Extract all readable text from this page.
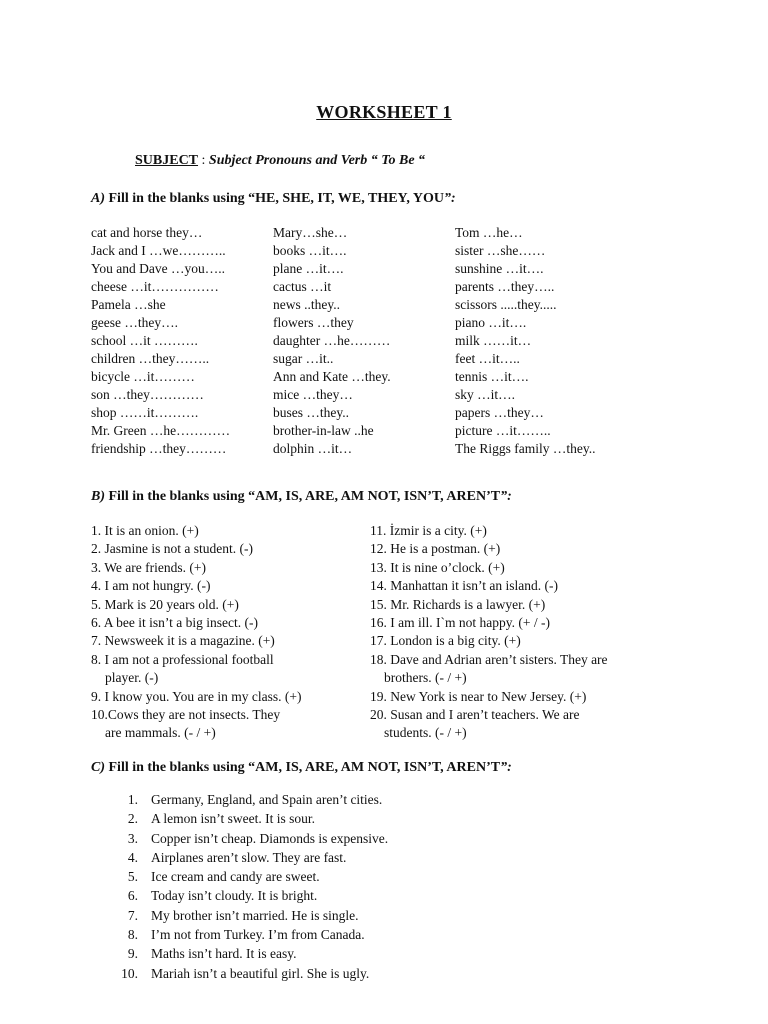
WORKSHEET 1
SUBJECT : Subject Pronouns and Verb “ To Be “
A) Fill in the blanks using “HE, SHE, IT, WE, THEY, YOU”:
cat and horse they…
Jack and I …we………..
You and Dave …you…..
cheese …it……………
Pamela …she
geese …they….
school …it ……….
children …they……..
bicycle …it………
son …they…………
shop ……it……….
Mr. Green …he…………
friendship …they………
Mary…she…
books …it….
plane …it….
cactus …it
news ..they..
flowers …they
daughter …he………
sugar …it..
Ann and Kate …they.
mice …they…
buses …they..
brother-in-law ..he
dolphin …it…
Tom …he…
sister …she……
sunshine …it….
parents …they…..
scissors .....they.....
piano …it….
milk ……it…
feet …it…..
tennis …it….
sky …it….
papers …they…
picture …it……..
The Riggs family …they..
B) Fill in the blanks using “AM, IS, ARE, AM NOT, ISN’T, AREN’T”:
1. It is an onion. (+)
2. Jasmine is not a student. (-)
3. We are friends. (+)
4. I am not hungry. (-)
5. Mark is 20 years old. (+)
6. A bee it isn’t a big insect. (-)
7. Newsweek it is a magazine. (+)
8. I am not a professional football
player. (-)
9. I know you. You are in my class. (+)
10.Cows they are not insects. They
are mammals. (- / +)
11. İzmir is a city. (+)
12. He is a postman. (+)
13. It is nine o’clock. (+)
14. Manhattan it isn’t an island. (-)
15. Mr. Richards is a lawyer. (+)
16. I am ill. I`m not happy. (+ / -)
17. London is a big city. (+)
18. Dave and Adrian aren’t sisters. They are
brothers. (- / +)
19. New York is near to New Jersey. (+)
20. Susan and I aren’t teachers. We are
students. (- / +)
C) Fill in the blanks using “AM, IS, ARE, AM NOT, ISN’T, AREN’T”:
1. Germany, England, and Spain aren’t cities.
2. A lemon isn’t sweet. It is sour.
3. Copper isn’t cheap. Diamonds is expensive.
4. Airplanes aren’t slow. They are fast.
5. Ice cream and candy are sweet.
6. Today isn’t cloudy. It is bright.
7. My brother isn’t married. He is single.
8. I’m not from Turkey. I’m from Canada.
9. Maths isn’t hard. It is easy.
10. Mariah isn’t a beautiful girl. She is ugly.
